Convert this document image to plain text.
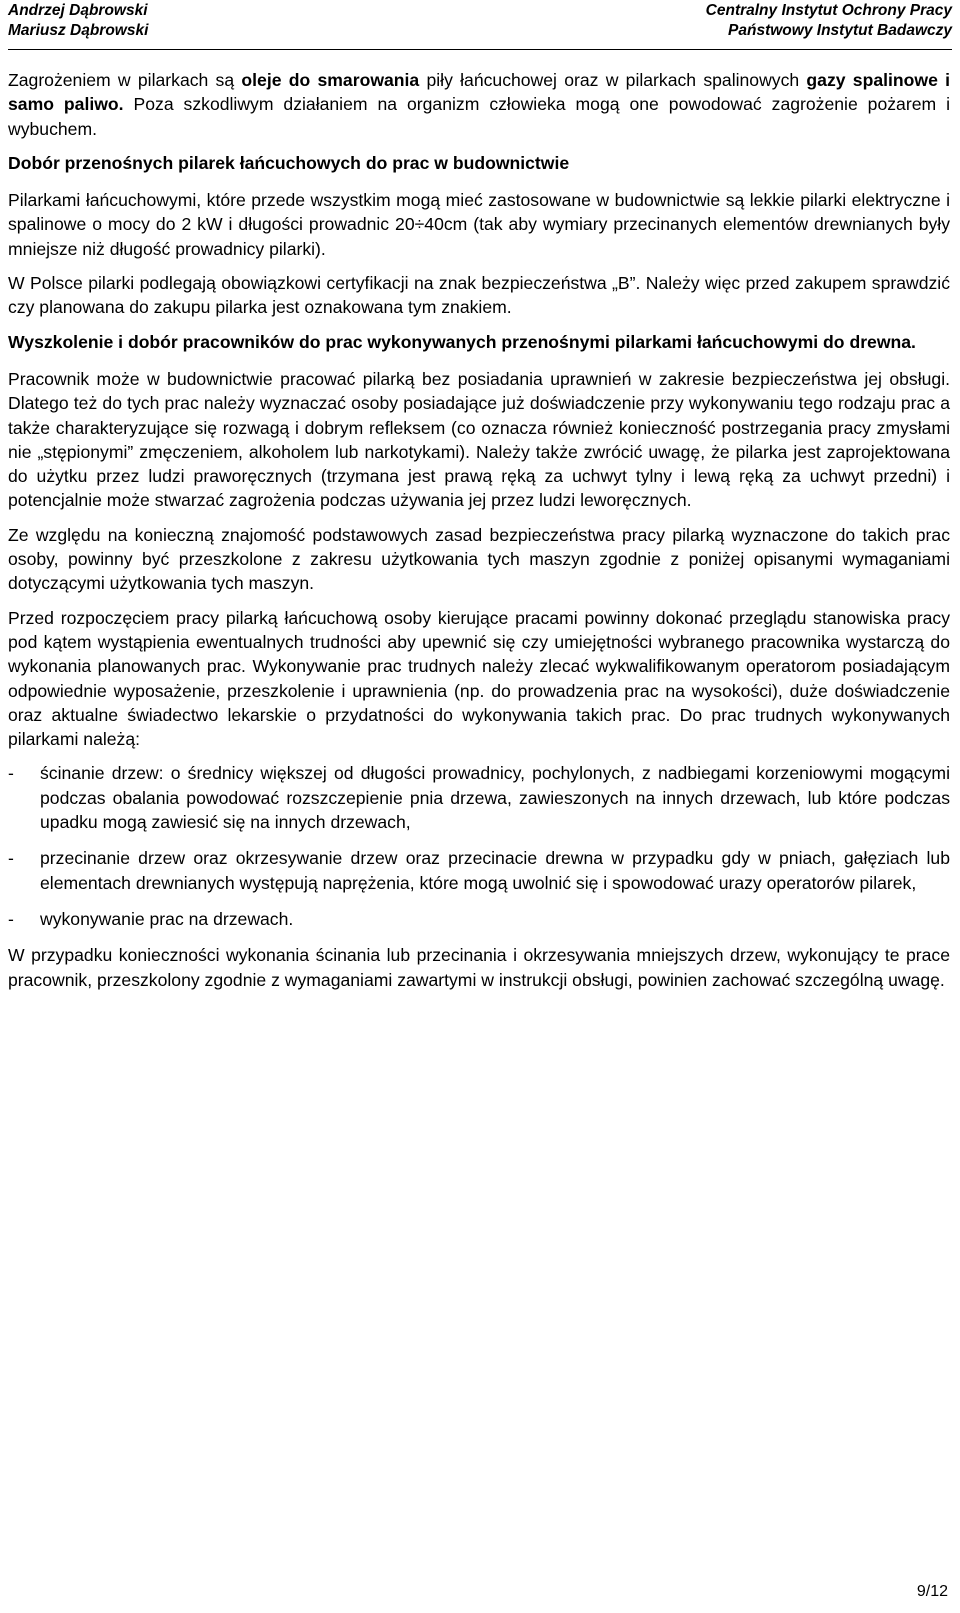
Andrzej Dąbrowski
Mariusz Dąbrowski
Centralny Instytut Ochrony Pracy
Państwowy Instytut Badawczy

Zagrożeniem w pilarkach są oleje do smarowania piły łańcuchowej oraz w pilarkach spalinowych gazy spalinowe i samo paliwo. Poza szkodliwym działaniem na organizm człowieka mogą one powodować zagrożenie pożarem i wybuchem.

Dobór przenośnych pilarek łańcuchowych do prac w budownictwie

Pilarkami łańcuchowymi, które przede wszystkim mogą mieć zastosowane w budownictwie są lekkie pilarki elektryczne i spalinowe o mocy do 2 kW i długości prowadnic 20÷40cm (tak aby wymiary przecinanych elementów drewnianych były mniejsze niż długość prowadnicy pilarki).

W Polsce pilarki podlegają obowiązkowi certyfikacji na znak bezpieczeństwa „B”. Należy więc przed zakupem sprawdzić czy planowana do zakupu pilarka jest oznakowana tym znakiem.

Wyszkolenie i dobór pracowników do prac wykonywanych przenośnymi pilarkami łańcuchowymi do drewna.

Pracownik może w budownictwie pracować pilarką bez posiadania uprawnień w zakresie bezpieczeństwa jej obsługi. Dlatego też do tych prac należy wyznaczać osoby posiadające już doświadczenie przy wykonywaniu tego rodzaju prac a także charakteryzujące się rozwagą i dobrym refleksem (co oznacza również konieczność postrzegania pracy zmysłami nie „stępionymi” zmęczeniem, alkoholem lub narkotykami). Należy także zwrócić uwagę, że pilarka jest zaprojektowana do użytku przez ludzi praworęcznych (trzymana jest prawą ręką za uchwyt tylny i lewą ręką za uchwyt przedni) i potencjalnie może stwarzać zagrożenia podczas używania jej przez ludzi leworęcznych.

Ze względu na konieczną znajomość podstawowych zasad bezpieczeństwa pracy pilarką wyznaczone do takich prac osoby, powinny być przeszkolone z zakresu użytkowania tych maszyn zgodnie z poniżej opisanymi wymaganiami dotyczącymi użytkowania tych maszyn.

Przed rozpoczęciem pracy pilarką łańcuchową osoby kierujące pracami powinny dokonać przeglądu stanowiska pracy pod kątem wystąpienia ewentualnych trudności aby upewnić się czy umiejętności wybranego pracownika wystarczą do wykonania planowanych prac. Wykonywanie prac trudnych należy zlecać wykwalifikowanym operatorom posiadającym odpowiednie wyposażenie, przeszkolenie i uprawnienia (np. do prowadzenia prac na wysokości), duże doświadczenie oraz aktualne świadectwo lekarskie o przydatności do wykonywania takich prac. Do prac trudnych wykonywanych pilarkami należą:

- ścinanie drzew: o średnicy większej od długości prowadnicy, pochylonych, z nadbiegami korzeniowymi mogącymi podczas obalania powodować rozszczepienie pnia drzewa, zawieszonych na innych drzewach, lub które podczas upadku mogą zawiesić się na innych drzewach,
- przecinanie drzew oraz okrzesywanie drzew oraz przecinacie drewna w przypadku gdy w pniach, gałęziach lub elementach drewnianych występują naprężenia, które mogą uwolnić się i spowodować urazy operatorów pilarek,
- wykonywanie prac na drzewach.

W przypadku konieczności wykonania ścinania lub przecinania i okrzesywania mniejszych drzew, wykonujący te prace pracownik, przeszkolony zgodnie z wymaganiami zawartymi w instrukcji obsługi, powinien zachować szczególną uwagę.

9/12
